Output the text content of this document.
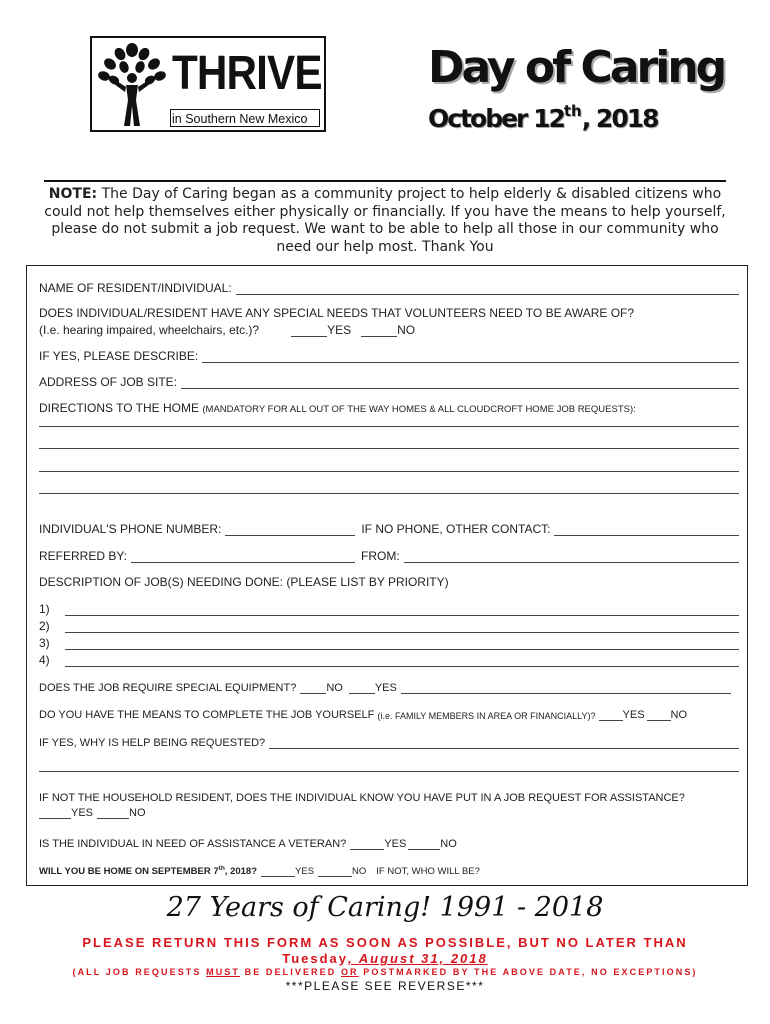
THRIVE
in Southern New Mexico
Day of Caring
October 12th, 2018
NOTE: The Day of Caring began as a community project to help elderly & disabled citizens who could not help themselves either physically or financially. If you have the means to help yourself, please do not submit a job request. We want to be able to help all those in our community who need our help most. Thank You
NAME OF RESIDENT/INDIVIDUAL:
DOES INDIVIDUAL/RESIDENT HAVE ANY SPECIAL NEEDS THAT VOLUNTEERS NEED TO BE AWARE OF?
(I.e. hearing impaired, wheelchairs, etc.)?	YES	NO
IF YES, PLEASE DESCRIBE:
ADDRESS OF JOB SITE:
DIRECTIONS TO THE HOME
(MANDATORY FOR ALL OUT OF THE WAY HOMES & ALL CLOUDCROFT HOME JOB REQUESTS):
INDIVIDUAL'S PHONE NUMBER:	IF NO PHONE, OTHER CONTACT:
REFERRED BY:	FROM:
DESCRIPTION OF JOB(S) NEEDING DONE: (PLEASE LIST BY PRIORITY)
1)
2)
3)
4)
DOES THE JOB REQUIRE SPECIAL EQUIPMENT?	NO	YES
DO YOU HAVE THE MEANS TO COMPLETE THE JOB YOURSELF
(i.e. FAMILY MEMBERS IN AREA OR FINANCIALLY)? YES NO
IF YES, WHY IS HELP BEING REQUESTED?
IF NOT THE HOUSEHOLD RESIDENT, DOES THE INDIVIDUAL KNOW YOU HAVE PUT IN A JOB REQUEST FOR ASSISTANCE?
YES	NO
IS THE INDIVIDUAL IN NEED OF ASSISTANCE A VETERAN?	YES	NO
WILL YOU BE HOME ON SEPTEMBER 7th, 2018?	YES	NO IF NOT, WHO WILL BE?
27 Years of Caring! 1991 - 2018
PLEASE RETURN THIS FORM AS SOON AS POSSIBLE, BUT NO LATER THAN
Tuesday, August 31, 2018
(ALL JOB REQUESTS MUST BE DELIVERED OR POSTMARKED BY THE ABOVE DATE, NO EXCEPTIONS)
***PLEASE SEE REVERSE***
